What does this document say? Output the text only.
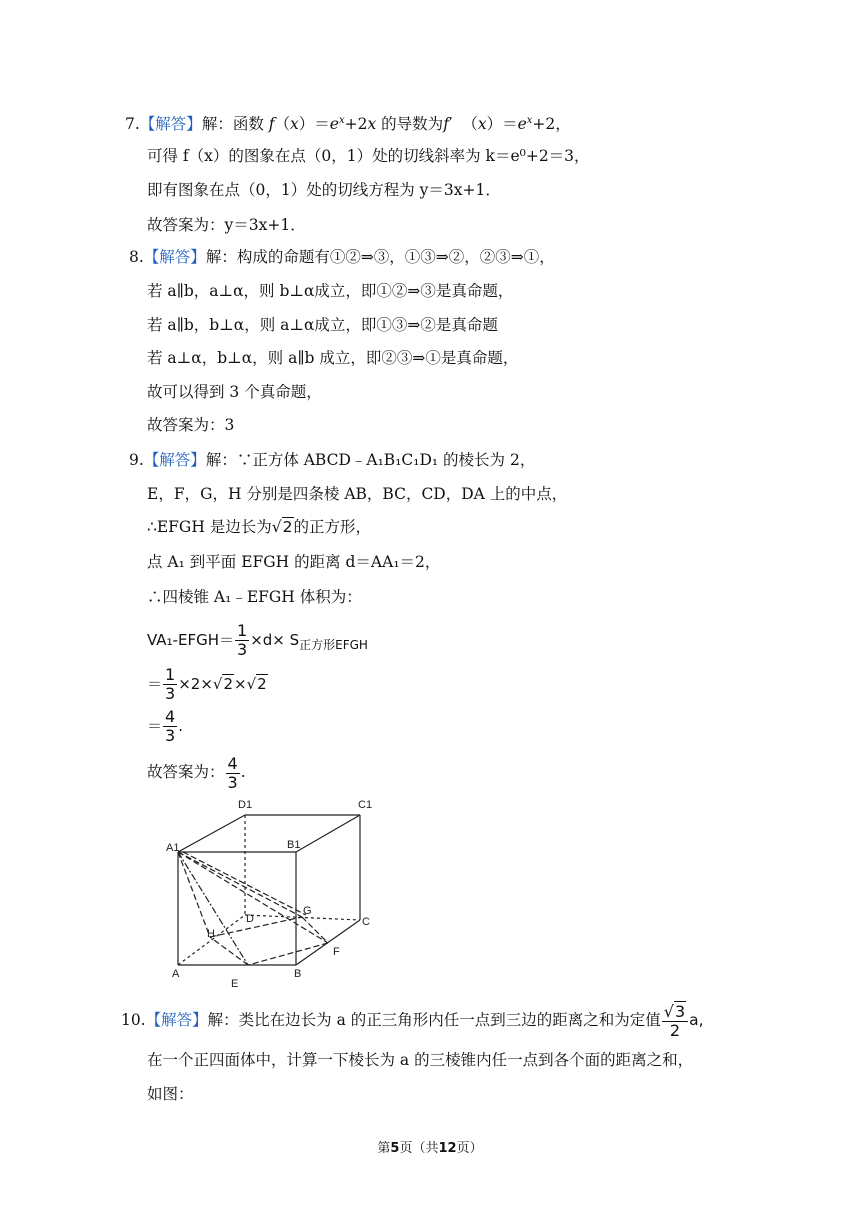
7.【解答】解：函数 $f(x)=e^x+2x$ 的导数为f′  $(x)=e^x+2$，
可得 f（x）的图象在点（0，1）处的切线斜率为 k＝e⁰+2＝3，
即有图象在点（0，1）处的切线方程为 y＝3x+1．
故答案为：y＝3x+1．
8.【解答】解：构成的命题有①②⇒③，①③⇒②，②③⇒①，
若 a∥b，a⊥α，则 b⊥α成立，即①②⇒③是真命题，
若 a∥b，b⊥α，则 a⊥α成立，即①③⇒②是真命题
若 a⊥α，b⊥α，则 a∥b 成立，即②③⇒①是真命题，
故可以得到 3 个真命题，
故答案为：3
9.【解答】解：∵正方体 ABCD﹣A₁B₁C₁D₁ 的棱长为 2，
E，F，G，H 分别是四条棱 AB，BC，CD，DA 上的中点，
∴EFGH 是边长为√2的正方形，
点 A₁ 到平面 EFGH 的距离 d＝AA₁＝2，
∴四棱锥 A₁﹣EFGH 体积为：
VA₁-EFGH＝ $\frac{1}{3} \times d\times S_{正方形EFGH}$
＝ $\frac{1}{3} \times 2\times√2\times√2$
＝ $\frac{4}{3}$ .
故答案为： $\frac{4}{3}$ .
D1	C1
A1	B1
D
G
C
H
F
A
E
B
10.【解答】解：类比在边长为 a 的正三角形内任一点到三边的距离之和为定值 $\frac{√3}{2} a$,
在一个正四面体中，计算一下棱长为 a 的三棱锥内任一点到各个面的距离之和，
如图：
第5页（共12页）
